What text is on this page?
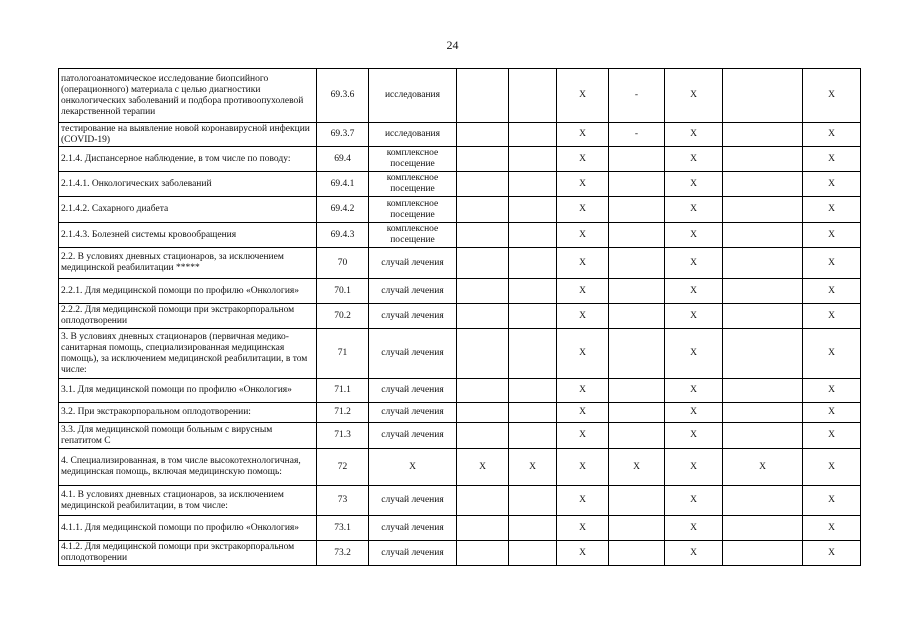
24
патологоанатомическое исследование биопсийного (операционного) материала с целью диагностики онкологических заболеваний и подбора противоопухолевой лекарственной терапии	69.3.6	исследования			X	-	X		X
тестирование на выявление новой коронавирусной инфекции (COVID-19)	69.3.7	исследования			X	-	X		X
2.1.4. Диспансерное наблюдение, в том числе по поводу:	69.4	комплексное посещение			X		X		X
2.1.4.1. Онкологических заболеваний	69.4.1	комплексное посещение			X		X		X
2.1.4.2. Сахарного диабета	69.4.2	комплексное посещение			X		X		X
2.1.4.3. Болезней системы кровообращения	69.4.3	комплексное посещение			X		X		X
2.2. В условиях дневных стационаров, за исключением медицинской реабилитации *****	70	случай лечения			X		X		X
2.2.1. Для медицинской помощи по профилю «Онкология»	70.1	случай лечения			X		X		X
2.2.2. Для медицинской помощи при экстракорпоральном оплодотворении	70.2	случай лечения			X		X		X
3. В условиях дневных стационаров (первичная медико-санитарная помощь, специализированная медицинская помощь), за исключением медицинской реабилитации, в том числе:	71	случай лечения			X		X		X
3.1. Для медицинской помощи по профилю «Онкология»	71.1	случай лечения			X		X		X
3.2. При экстракорпоральном оплодотворении:	71.2	случай лечения			X		X		X
3.3. Для медицинской помощи больным с вирусным гепатитом С	71.3	случай лечения			X		X		X
4. Специализированная, в том числе высокотехнологичная, медицинская помощь, включая медицинскую помощь:	72	X	X	X	X	X	X	X	X
4.1. В условиях дневных стационаров, за исключением медицинской реабилитации, в том числе:	73	случай лечения			X		X		X
4.1.1. Для медицинской помощи по профилю «Онкология»	73.1	случай лечения			X		X		X
4.1.2. Для медицинской помощи при экстракорпоральном оплодотворении	73.2	случай лечения			X		X		X
